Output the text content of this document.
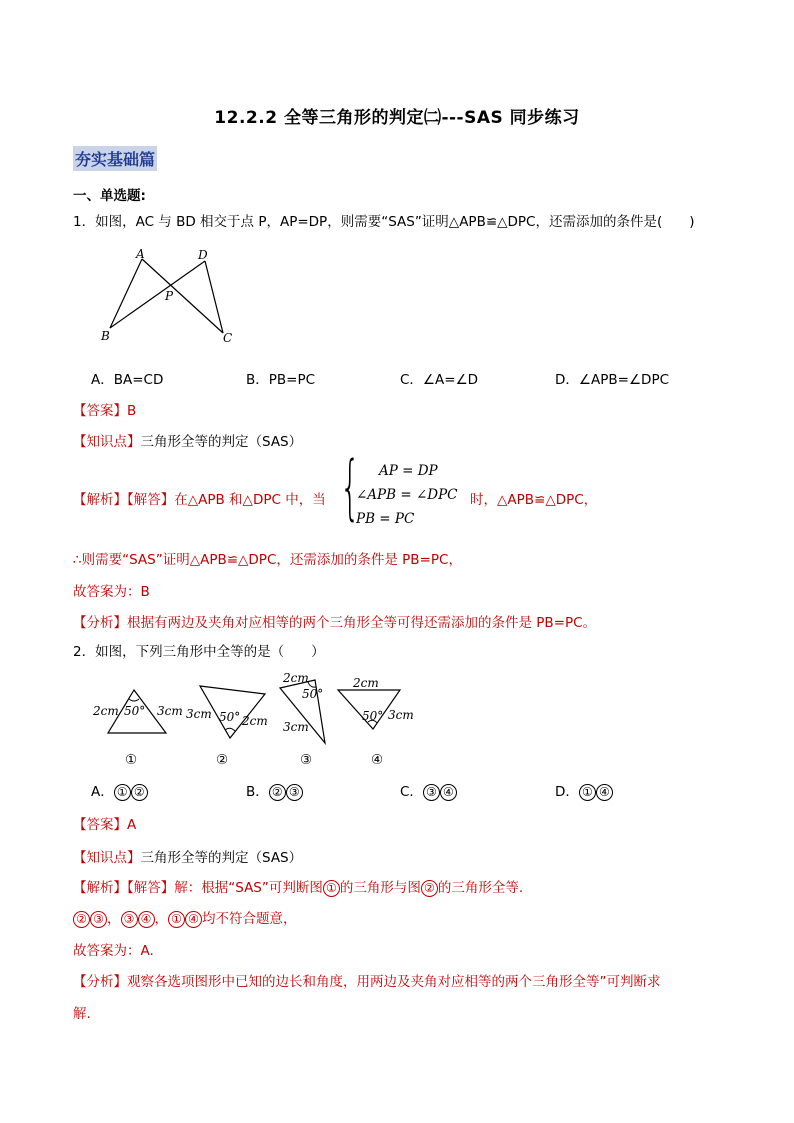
12.2.2 全等三角形的判定㈡---SAS 同步练习
夯实基础篇
一、单选题:
1．如图，AC 与 BD 相交于点 P，AP=DP，则需要“SAS”证明△APB≌△DPC，还需添加的条件是(　　)
A	D
P
B	C
A．BA=CD	B．PB=PC	C．∠A=∠D	D．∠APB=∠DPC
【答案】B
【知识点】三角形全等的判定（SAS）
【解析】【解答】在△APB 和△DPC 中，当 { AP = DP
∠APB = ∠DPC
PB = PC
时，△APB≌△DPC，
∴则需要“SAS”证明△APB≌△DPC，还需添加的条件是 PB=PC，
故答案为：B
【分析】根据有两边及夹角对应相等的两个三角形全等可得还需添加的条件是 PB=PC。
2．如图，下列三角形中全等的是（　　）
2cm 50° 3cm 3cm 50° 2cm
2cm
50°
3cm
2cm
50° 3cm
①	②	③	④
A． ① ②	B． ② ③	C． ③ ④	D． ① ④
【答案】A
【知识点】三角形全等的判定（SAS）
【解析】【解答】解：根据“SAS”可判断图 ① 的三角形与图 ② 的三角形全等.
② ③ ， ③ ④ ， ① ④ 均不符合题意，
故答案为：A.
【分析】观察各选项图形中已知的边长和角度，用两边及夹角对应相等的两个三角形全等”可判断求
解.
